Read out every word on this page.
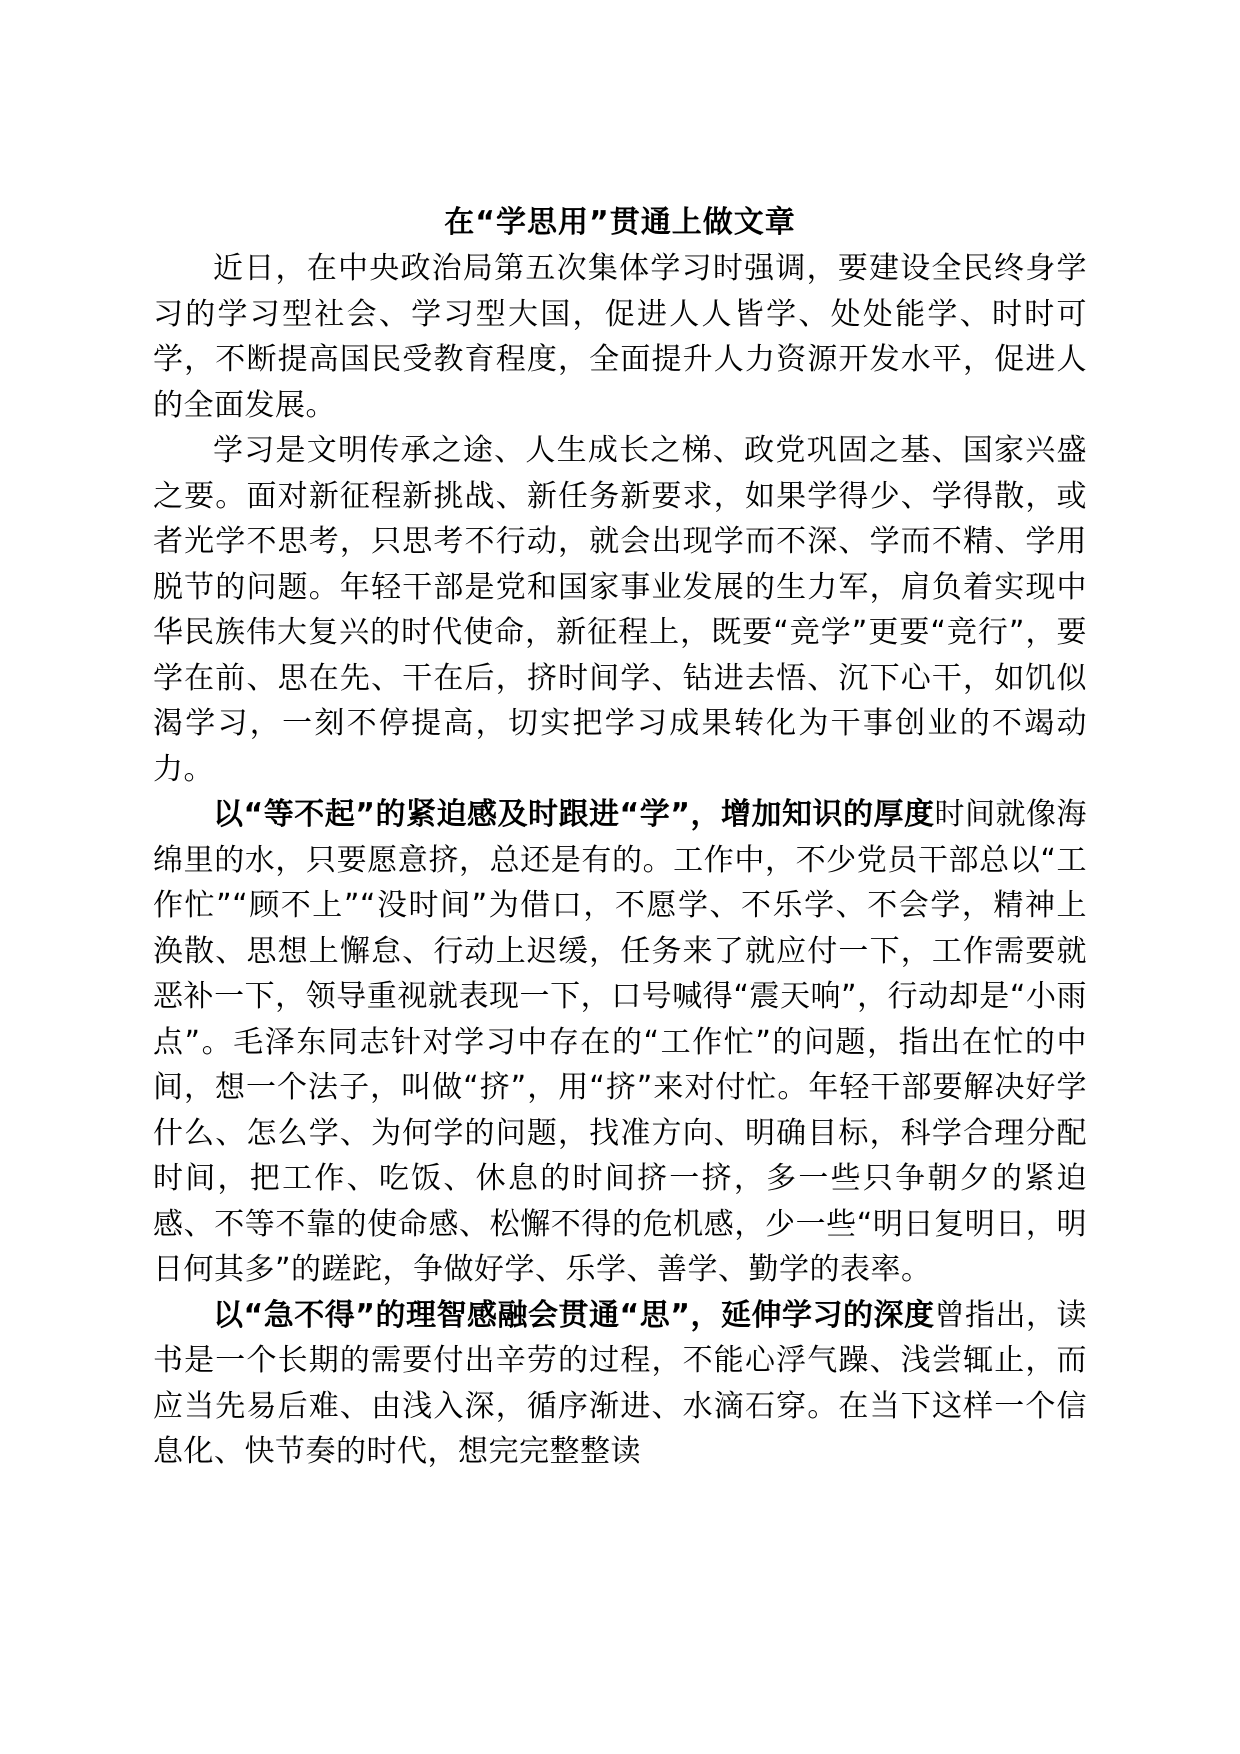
在“学思用”贯通上做文章

近日，在中央政治局第五次集体学习时强调，要建设全民终身学习的学习型社会、学习型大国，促进人人皆学、处处能学、时时可学，不断提高国民受教育程度，全面提升人力资源开发水平，促进人的全面发展。

学习是文明传承之途、人生成长之梯、政党巩固之基、国家兴盛之要。面对新征程新挑战、新任务新要求，如果学得少、学得散，或者光学不思考，只思考不行动，就会出现学而不深、学而不精、学用脱节的问题。年轻干部是党和国家事业发展的生力军，肩负着实现中华民族伟大复兴的时代使命，新征程上，既要“竞学”更要“竞行”，要学在前、思在先、干在后，挤时间学、钻进去悟、沉下心干，如饥似渴学习，一刻不停提高，切实把学习成果转化为干事创业的不竭动力。

以“等不起”的紧迫感及时跟进“学”，增加知识的厚度时间就像海绵里的水，只要愿意挤，总还是有的。工作中，不少党员干部总以“工作忙”“顾不上”“没时间”为借口，不愿学、不乐学、不会学，精神上涣散、思想上懈怠、行动上迟缓，任务来了就应付一下，工作需要就恶补一下，领导重视就表现一下，口号喊得“震天响”，行动却是“小雨点”。毛泽东同志针对学习中存在的“工作忙”的问题，指出在忙的中间，想一个法子，叫做“挤”，用“挤”来对付忙。年轻干部要解决好学什么、怎么学、为何学的问题，找准方向、明确目标，科学合理分配时间，把工作、吃饭、休息的时间挤一挤，多一些只争朝夕的紧迫感、不等不靠的使命感、松懈不得的危机感，少一些“明日复明日，明日何其多”的蹉跎，争做好学、乐学、善学、勤学的表率。

以“急不得”的理智感融会贯通“思”，延伸学习的深度曾指出，读书是一个长期的需要付出辛劳的过程，不能心浮气躁、浅尝辄止，而应当先易后难、由浅入深，循序渐进、水滴石穿。在当下这样一个信息化、快节奏的时代，想完完整整读
